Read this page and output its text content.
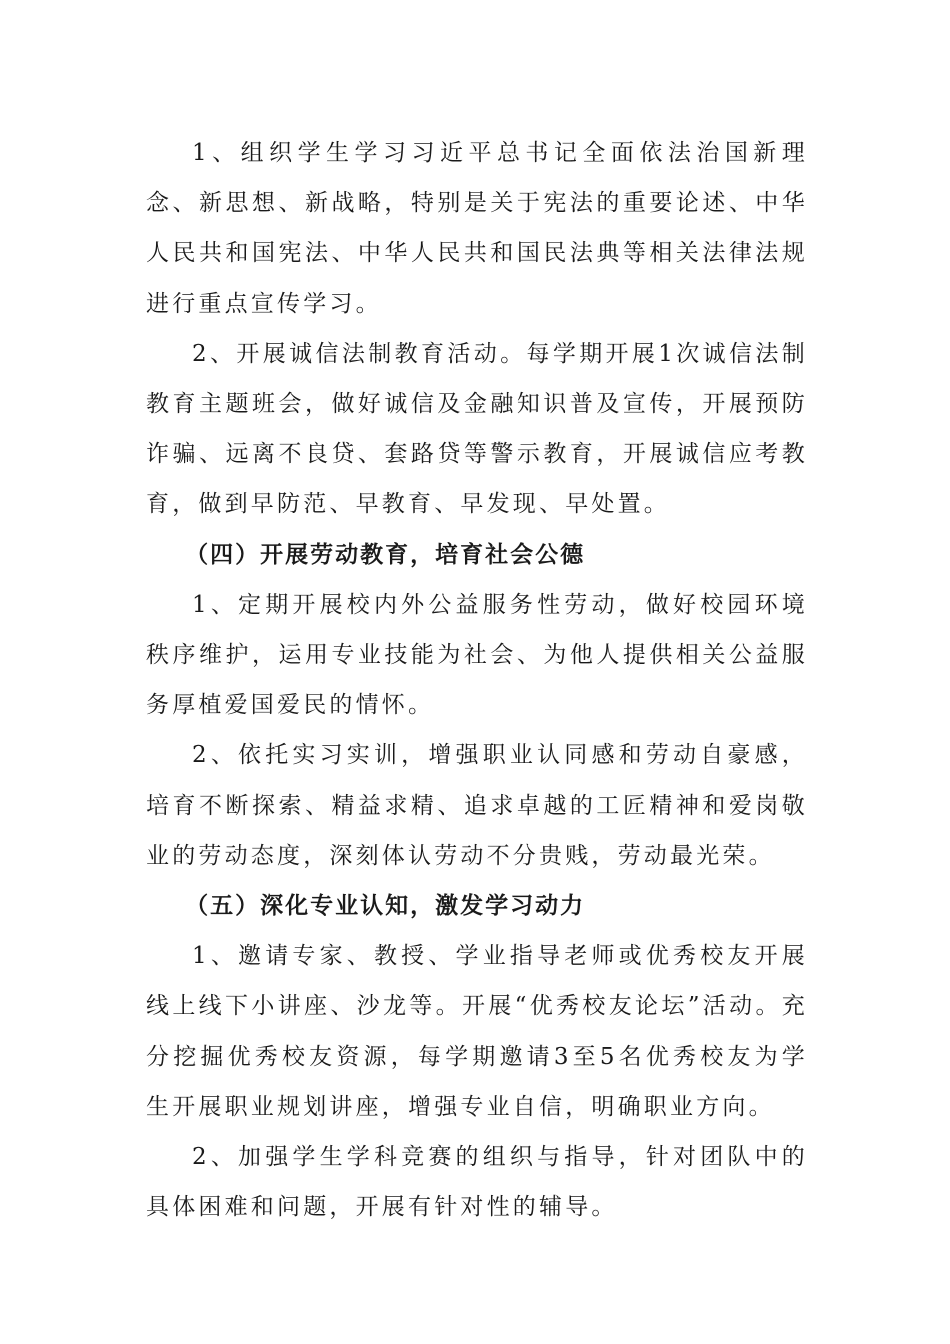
1、组织学生学习习近平总书记全面依法治国新理念、新思想、新战略，特别是关于宪法的重要论述、中华人民共和国宪法、中华人民共和国民法典等相关法律法规进行重点宣传学习。

2、开展诚信法制教育活动。每学期开展1次诚信法制教育主题班会，做好诚信及金融知识普及宣传，开展预防诈骗、远离不良贷、套路贷等警示教育，开展诚信应考教育，做到早防范、早教育、早发现、早处置。

（四）开展劳动教育，培育社会公德

1、定期开展校内外公益服务性劳动，做好校园环境秩序维护，运用专业技能为社会、为他人提供相关公益服务厚植爱国爱民的情怀。

2、依托实习实训，增强职业认同感和劳动自豪感，培育不断探索、精益求精、追求卓越的工匠精神和爱岗敬业的劳动态度，深刻体认劳动不分贵贱，劳动最光荣。

（五）深化专业认知，激发学习动力

1、邀请专家、教授、学业指导老师或优秀校友开展线上线下小讲座、沙龙等。开展“优秀校友论坛”活动。充分挖掘优秀校友资源，每学期邀请3至5名优秀校友为学生开展职业规划讲座，增强专业自信，明确职业方向。

2、加强学生学科竞赛的组织与指导，针对团队中的具体困难和问题，开展有针对性的辅导。
